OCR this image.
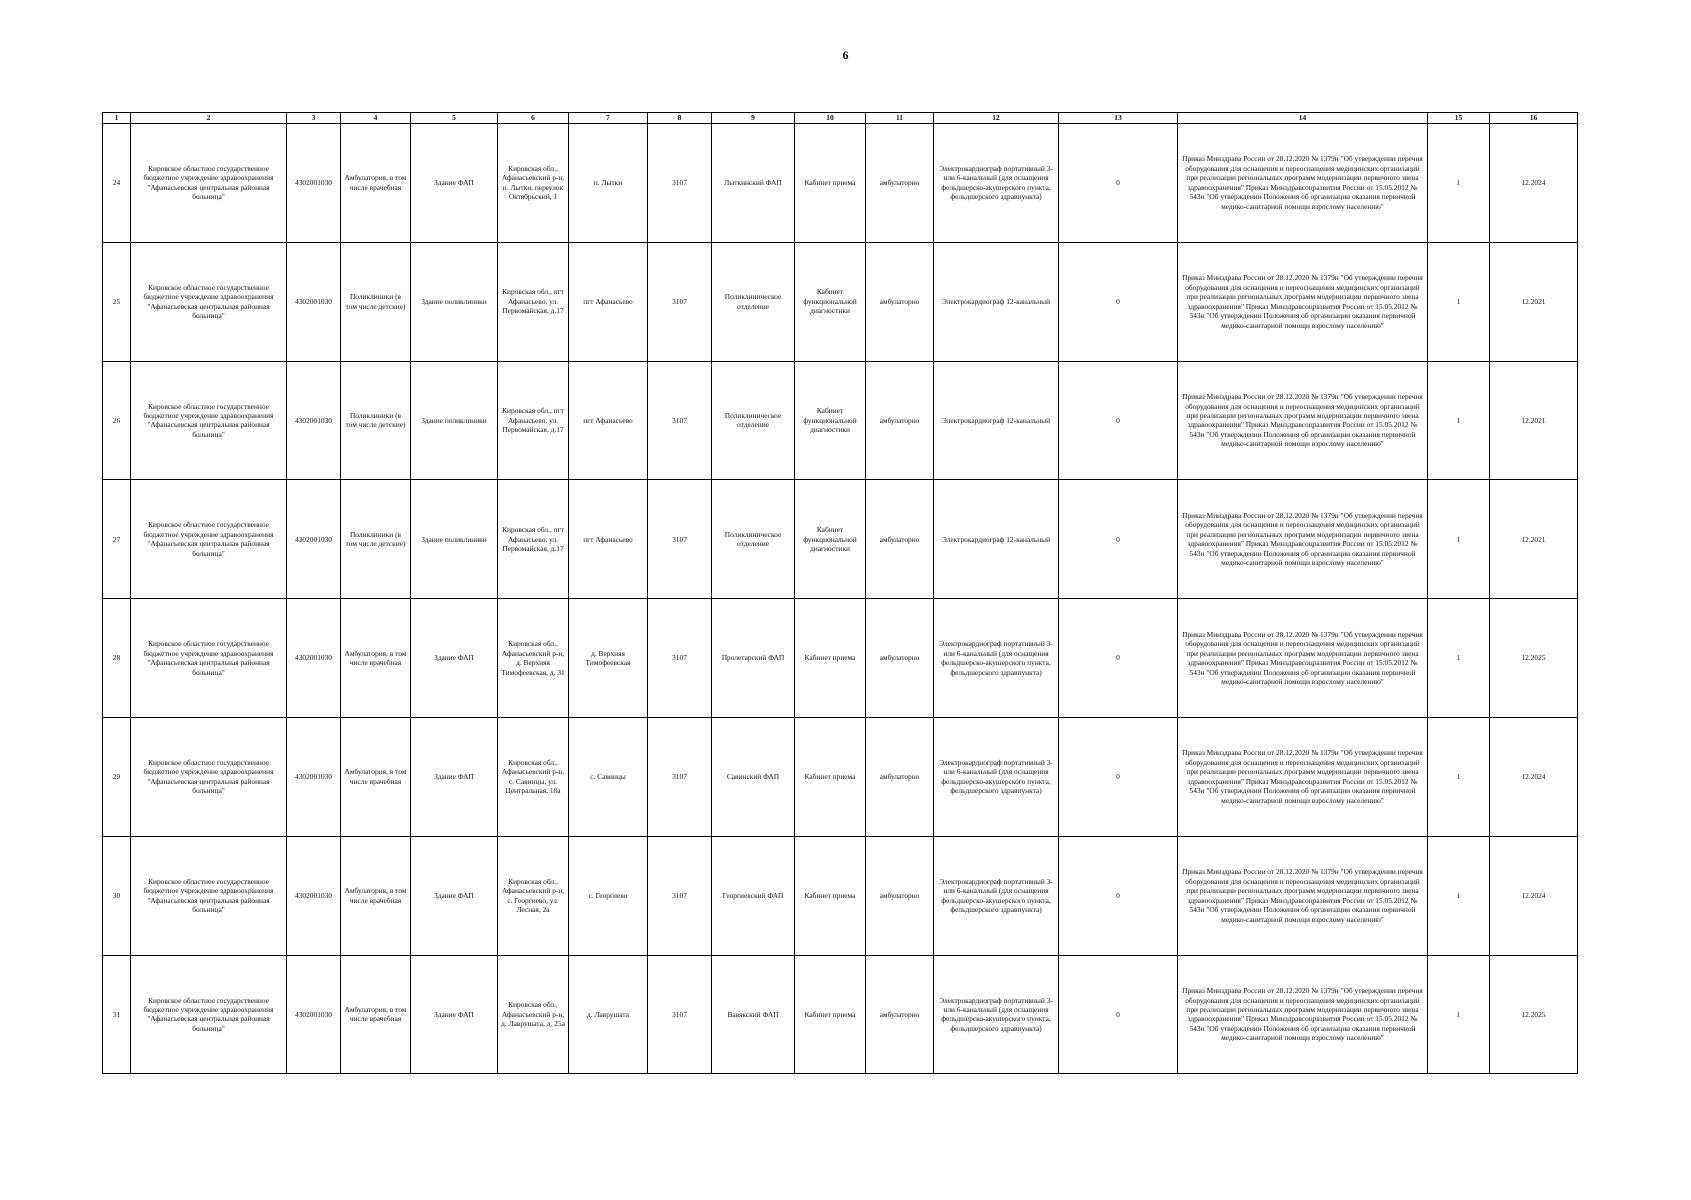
6
1	2	3	4	5	6	7	8	9	10	11	12	13	14	15	16
24	Кировское областное государственное бюджетное учреждение здравоохранения "Афанасьевская центральная районная больница"	4302001030	Амбулатория, в том числе врачебная	Здание ФАП	Кировская обл., Афанасьевский р-н, п. Лытки, переулок Октябрьский, 1	п. Лытки	3107	Лыткинский ФАП	Кабинет приема	амбулаторно	Электрокардиограф портативный 3- или 6-канальный (для оснащения фельдшерско-акушерского пункта, фельдшерского здравпункта)	0	Приказ Минздрава России от 28.12.2020 № 1379н "Об утверждении перечня оборудования для оснащения и переоснащения медицинских организаций при реализации региональных программ модернизации первичного звена здравоохранения" Приказ Минздравсоцразвития России от 15.05.2012 № 543н "Об утверждении Положения об организации оказания первичной медико-санитарной помощи взрослому населению"	1	12.2024
25	Кировское областное государственное бюджетное учреждение здравоохранения "Афанасьевская центральная районная больница"	4302001030	Поликлиники (в том числе детские)	Здание поликлиники	Кировская обл., пгт Афанасьево, ул. Первомайская, д.17	пгт Афанасьево	3107	Поликлиническое отделение	Кабинет функциональной диагностики	амбулаторно	Электрокардиограф 12-канальный	0	Приказ Минздрава России от 28.12.2020 № 1379н "Об утверждении перечня оборудования для оснащения и переоснащения медицинских организаций при реализации региональных программ модернизации первичного звена здравоохранения" Приказ Минздравсоцразвития России от 15.05.2012 № 543н "Об утверждении Положения об организации оказания первичной медико-санитарной помощи взрослому населению"	1	12.2021
26	Кировское областное государственное бюджетное учреждение здравоохранения "Афанасьевская центральная районная больница"	4302001030	Поликлиники (в том числе детские)	Здание поликлиники	Кировская обл., пгт Афанасьево, ул. Первомайская, д.17	пгт Афанасьево	3107	Поликлиническое отделение	Кабинет функциональной диагностики	амбулаторно	Электрокардиограф 12-канальный	0	Приказ Минздрава России от 28.12.2020 № 1379н "Об утверждении перечня оборудования для оснащения и переоснащения медицинских организаций при реализации региональных программ модернизации первичного звена здравоохранения" Приказ Минздравсоцразвития России от 15.05.2012 № 543н "Об утверждении Положения об организации оказания первичной медико-санитарной помощи взрослому населению"	1	12.2021
27	Кировское областное государственное бюджетное учреждение здравоохранения "Афанасьевская центральная районная больница"	4302001030	Поликлиники (в том числе детские)	Здание поликлиники	Кировская обл., пгт Афанасьево, ул. Первомайская, д.17	пгт Афанасьево	3107	Поликлиническое отделение	Кабинет функциональной диагностики	амбулаторно	Электрокардиограф 12-канальный	0	Приказ Минздрава России от 28.12.2020 № 1379н "Об утверждении перечня оборудования для оснащения и переоснащения медицинских организаций при реализации региональных программ модернизации первичного звена здравоохранения" Приказ Минздравсоцразвития России от 15.05.2012 № 543н "Об утверждении Положения об организации оказания первичной медико-санитарной помощи взрослому населению"	1	12.2021
28	Кировское областное государственное бюджетное учреждение здравоохранения "Афанасьевская центральная районная больница"	4302001030	Амбулатория, в том числе врачебная	Здание ФАП	Кировская обл., Афанасьевский р-н, д. Верхняя Тимофеевская, д. 31	д. Верхняя Тимофеевская	3107	Пролетарский ФАП	Кабинет приема	амбулаторно	Электрокардиограф портативный 3- или 6-канальный (для оснащения фельдшерско-акушерского пункта, фельдшерского здравпункта)	0	Приказ Минздрава России от 28.12.2020 № 1379н "Об утверждении перечня оборудования для оснащения и переоснащения медицинских организаций при реализации региональных программ модернизации первичного звена здравоохранения" Приказ Минздравсоцразвития России от 15.05.2012 № 543н "Об утверждении Положения об организации оказания первичной медико-санитарной помощи взрослому населению"	1	12.2025
29	Кировское областное государственное бюджетное учреждение здравоохранения "Афанасьевская центральная районная больница"	4302001030	Амбулатория, в том числе врачебная	Здание ФАП	Кировская обл., Афанасьевский р-н, с. Савинцы, ул. Центральная, 18а	с. Савинцы	3107	Савинский ФАП	Кабинет приема	амбулаторно	Электрокардиограф портативный 3- или 6-канальный (для оснащения фельдшерско-акушерского пункта, фельдшерского здравпункта)	0	Приказ Минздрава России от 28.12.2020 № 1379н "Об утверждении перечня оборудования для оснащения и переоснащения медицинских организаций при реализации региональных программ модернизации первичного звена здравоохранения" Приказ Минздравсоцразвития России от 15.05.2012 № 543н "Об утверждении Положения об организации оказания первичной медико-санитарной помощи взрослому населению"	1	12.2024
30	Кировское областное государственное бюджетное учреждение здравоохранения "Афанасьевская центральная районная больница"	4302001030	Амбулатория, в том числе врачебная	Здание ФАП	Кировская обл., Афанасьевский р-н, с. Георгиево, ул. Лесная, 2а	с. Георгиево	3107	Георгиевский ФАП	Кабинет приема	амбулаторно	Электрокардиограф портативный 3- или 6-канальный (для оснащения фельдшерско-акушерского пункта, фельдшерского здравпункта)	0	Приказ Минздрава России от 28.12.2020 № 1379н "Об утверждении перечня оборудования для оснащения и переоснащения медицинских организаций при реализации региональных программ модернизации первичного звена здравоохранения" Приказ Минздравсоцразвития России от 15.05.2012 № 543н "Об утверждении Положения об организации оказания первичной медико-санитарной помощи взрослому населению"	1	12.2024
31	Кировское областное государственное бюджетное учреждение здравоохранения "Афанасьевская центральная районная больница"	4302001030	Амбулатория, в том числе врачебная	Здание ФАП	Кировская обл., Афанасьевский р-н, д. Лаврушата, д. 25а	д. Лаврушата	3107	Вавякский ФАП	Кабинет приема	амбулаторно	Электрокардиограф портативный 3- или 6-канальный (для оснащения фельдшерско-акушерского пункта, фельдшерского здравпункта)	0	Приказ Минздрава России от 28.12.2020 № 1379н "Об утверждении перечня оборудования для оснащения и переоснащения медицинских организаций при реализации региональных программ модернизации первичного звена здравоохранения" Приказ Минздравсоцразвития России от 15.05.2012 № 543н "Об утверждении Положения об организации оказания первичной медико-санитарной помощи взрослому населению"	1	12.2025
